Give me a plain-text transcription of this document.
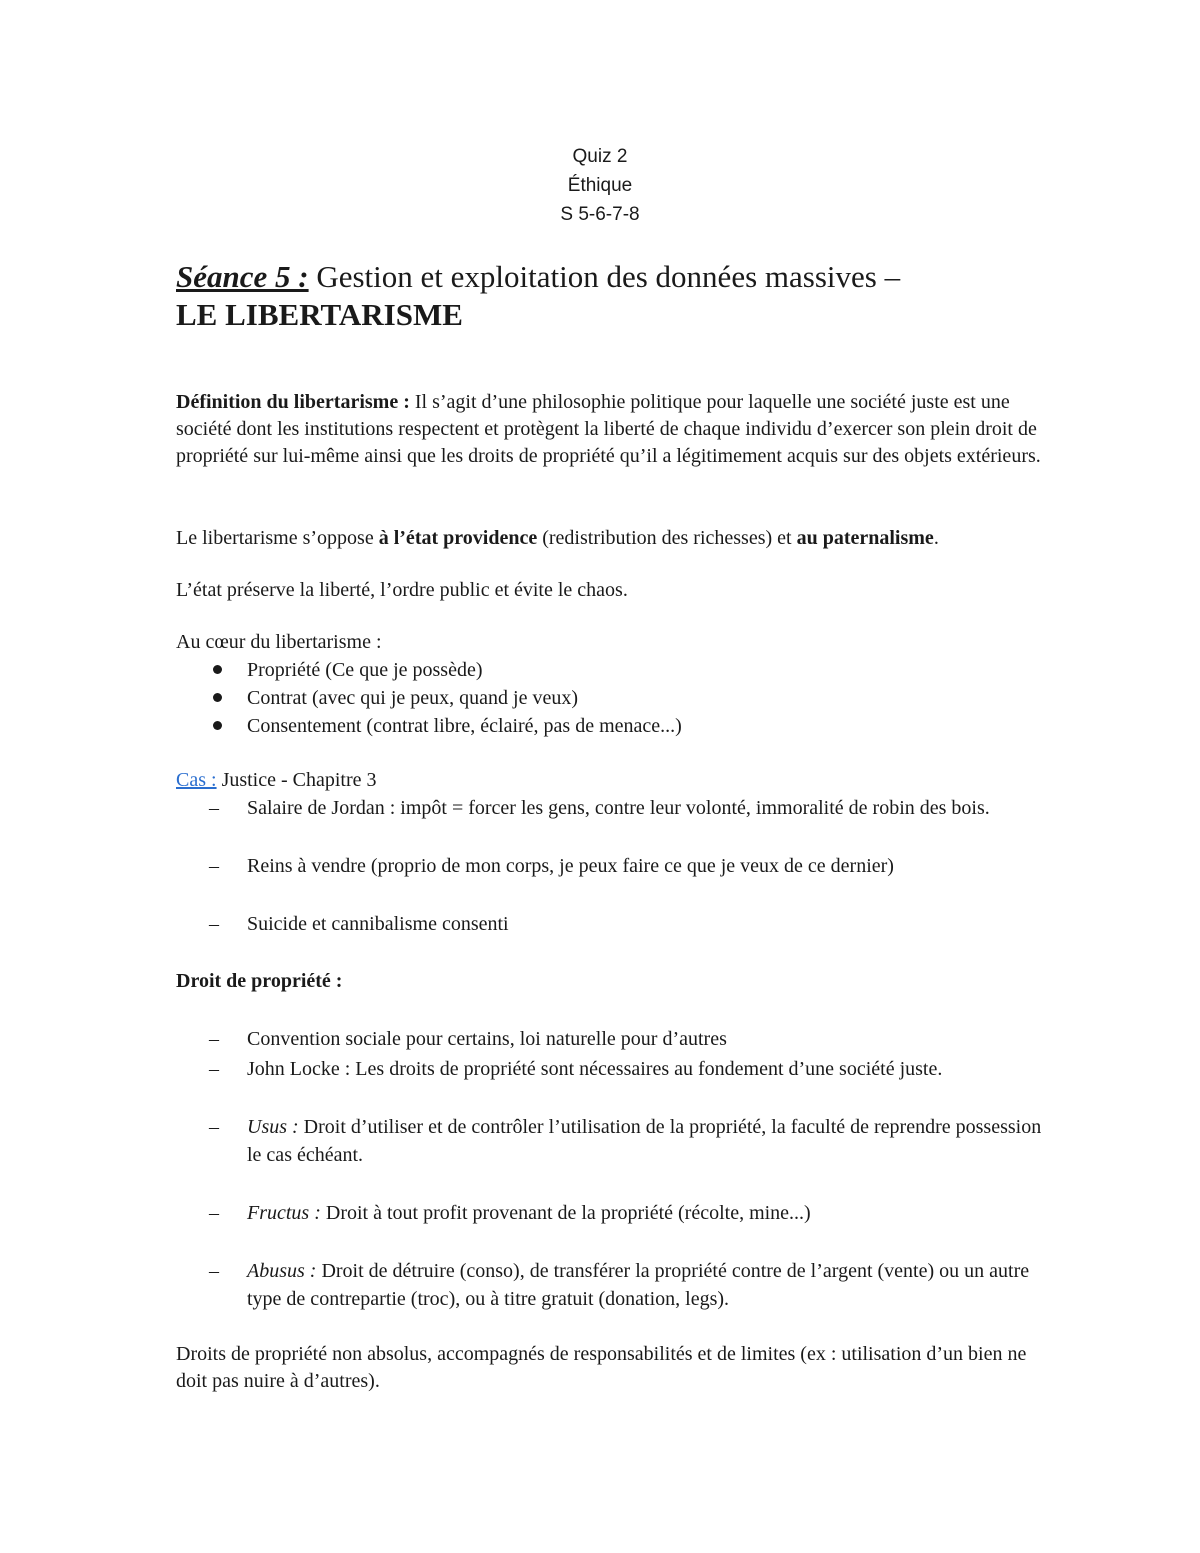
Quiz 2
Éthique
S 5-6-7-8
Séance 5 : Gestion et exploitation des données massives –
LE LIBERTARISME

Définition du libertarisme : Il s’agit d’une philosophie politique pour laquelle une société juste est une société dont les institutions respectent et protègent la liberté de chaque individu d’exercer son plein droit de propriété sur lui-même ainsi que les droits de propriété qu’il a légitimement acquis sur des objets extérieurs.

Le libertarisme s’oppose à l’état providence (redistribution des richesses) et au paternalisme.

L’état préserve la liberté, l’ordre public et évite le chaos.

Au cœur du libertarisme :

Propriété (Ce que je possède)
Contrat (avec qui je peux, quand je veux)
Consentement (contrat libre, éclairé, pas de menace...)

Cas : Justice - Chapitre 3

– Salaire de Jordan : impôt = forcer les gens, contre leur volonté, immoralité de robin des bois.
– Reins à vendre (proprio de mon corps, je peux faire ce que je veux de ce dernier)
– Suicide et cannibalisme consenti

Droit de propriété :

– Convention sociale pour certains, loi naturelle pour d’autres
– John Locke : Les droits de propriété sont nécessaires au fondement d’une société juste.
– Usus : Droit d’utiliser et de contrôler l’utilisation de la propriété, la faculté de reprendre possession le cas échéant.
– Fructus : Droit à tout profit provenant de la propriété (récolte, mine...)
– Abusus : Droit de détruire (conso), de transférer la propriété contre de l’argent (vente) ou un autre type de contrepartie (troc), ou à titre gratuit (donation, legs).

Droits de propriété non absolus, accompagnés de responsabilités et de limites (ex : utilisation d’un bien ne doit pas nuire à d’autres).
